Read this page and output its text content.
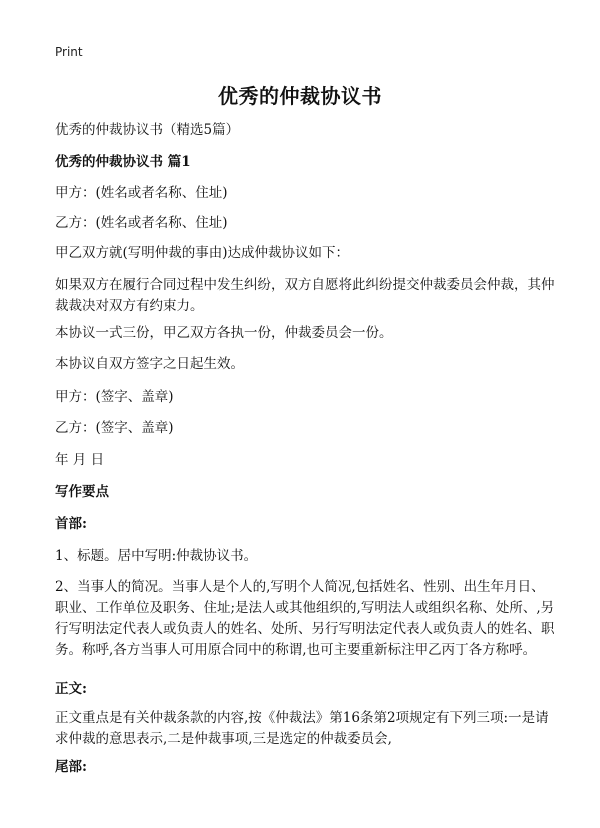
Print
优秀的仲裁协议书

优秀的仲裁协议书（精选5篇）

优秀的仲裁协议书 篇1

甲方：(姓名或者名称、住址)

乙方：(姓名或者名称、住址)

甲乙双方就(写明仲裁的事由)达成仲裁协议如下：

如果双方在履行合同过程中发生纠纷，双方自愿将此纠纷提交仲裁委员会仲裁，其仲裁裁决对双方有约束力。

本协议一式三份，甲乙双方各执一份，仲裁委员会一份。

本协议自双方签字之日起生效。

甲方：(签字、盖章)

乙方：(签字、盖章)

年 月 日

写作要点

首部:

1、标题。居中写明:仲裁协议书。

2、当事人的简况。当事人是个人的,写明个人简况,包括姓名、性别、出生年月日、职业、工作单位及职务、住址;是法人或其他组织的,写明法人或组织名称、处所、,另行写明法定代表人或负责人的姓名、处所、另行写明法定代表人或负责人的姓名、职务。称呼,各方当事人可用原合同中的称谓,也可主要重新标注甲乙丙丁各方称呼。

正文:

正文重点是有关仲裁条款的内容,按《仲裁法》第16条第2项规定有下列三项:一是请求仲裁的意思表示,二是仲裁事项,三是选定的仲裁委员会,

尾部:
